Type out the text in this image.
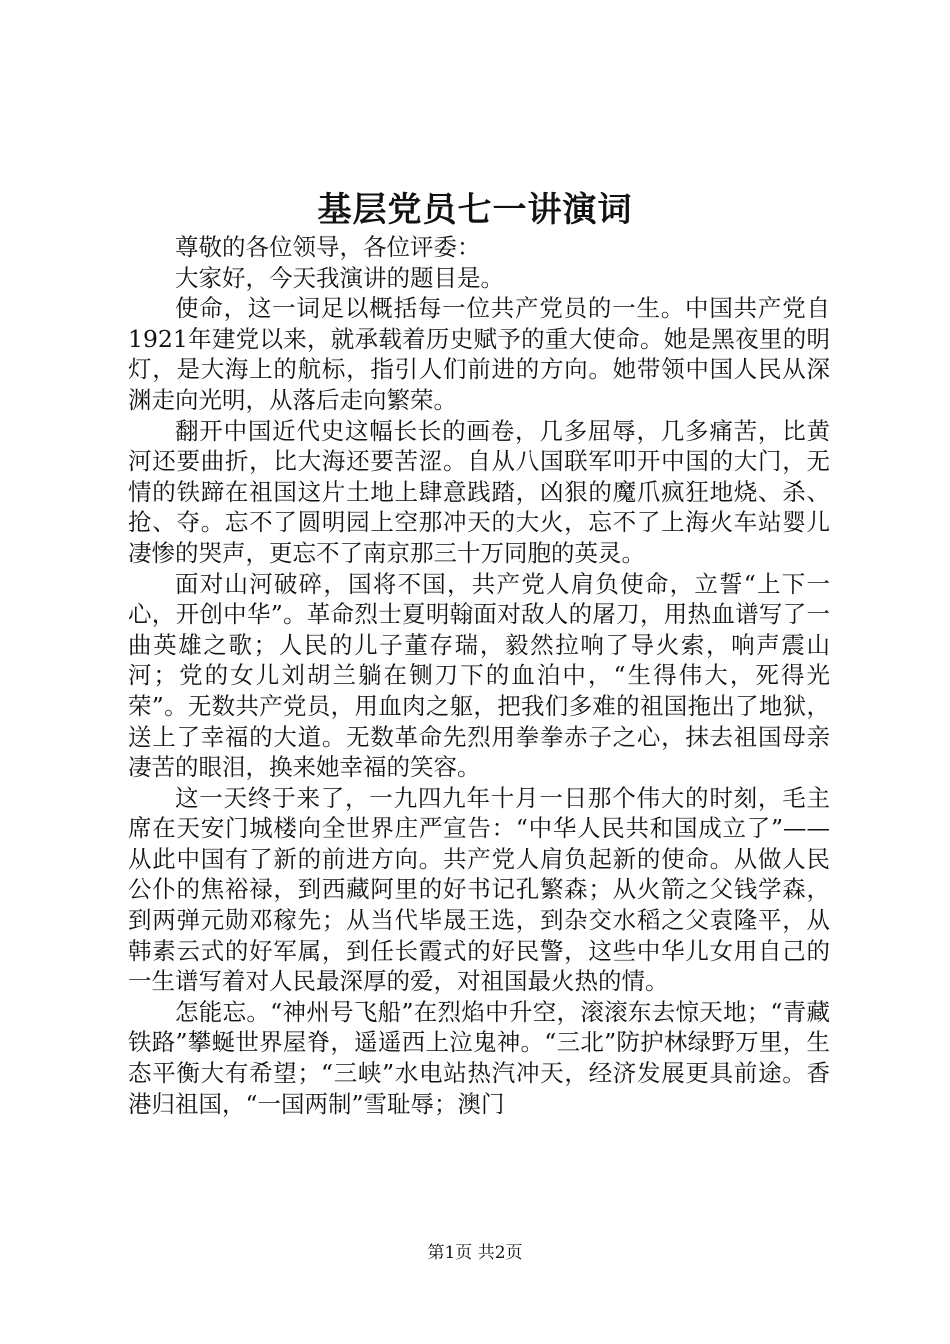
基层党员七一讲演词

尊敬的各位领导，各位评委：

大家好，今天我演讲的题目是。

使命，这一词足以概括每一位共产党员的一生。中国共产党自1921年建党以来，就承载着历史赋予的重大使命。她是黑夜里的明灯，是大海上的航标，指引人们前进的方向。她带领中国人民从深渊走向光明，从落后走向繁荣。

翻开中国近代史这幅长长的画卷，几多屈辱，几多痛苦，比黄河还要曲折，比大海还要苦涩。自从八国联军叩开中国的大门，无情的铁蹄在祖国这片土地上肆意践踏，凶狠的魔爪疯狂地烧、杀、抢、夺。忘不了圆明园上空那冲天的大火，忘不了上海火车站婴儿凄惨的哭声，更忘不了南京那三十万同胞的英灵。

面对山河破碎，国将不国，共产党人肩负使命，立誓“上下一心，开创中华”。革命烈士夏明翰面对敌人的屠刀，用热血谱写了一曲英雄之歌；人民的儿子董存瑞，毅然拉响了导火索，响声震山河；党的女儿刘胡兰躺在铡刀下的血泊中，“生得伟大，死得光荣”。无数共产党员，用血肉之躯，把我们多难的祖国拖出了地狱，送上了幸福的大道。无数革命先烈用拳拳赤子之心，抹去祖国母亲凄苦的眼泪，换来她幸福的笑容。

这一天终于来了，一九四九年十月一日那个伟大的时刻，毛主席在天安门城楼向全世界庄严宣告：“中华人民共和国成立了”——从此中国有了新的前进方向。共产党人肩负起新的使命。从做人民公仆的焦裕禄，到西藏阿里的好书记孔繁森；从火箭之父钱学森，到两弹元勋邓稼先；从当代毕晟王选，到杂交水稻之父袁隆平，从韩素云式的好军属，到任长霞式的好民警，这些中华儿女用自己的一生谱写着对人民最深厚的爱，对祖国最火热的情。

怎能忘。“神州号飞船”在烈焰中升空，滚滚东去惊天地；“青藏铁路”攀蜒世界屋脊，遥遥西上泣鬼神。“三北”防护林绿野万里，生态平衡大有希望；“三峡”水电站热汽冲天，经济发展更具前途。香港归祖国，“一国两制”雪耻辱；澳门

第1页 共2页
